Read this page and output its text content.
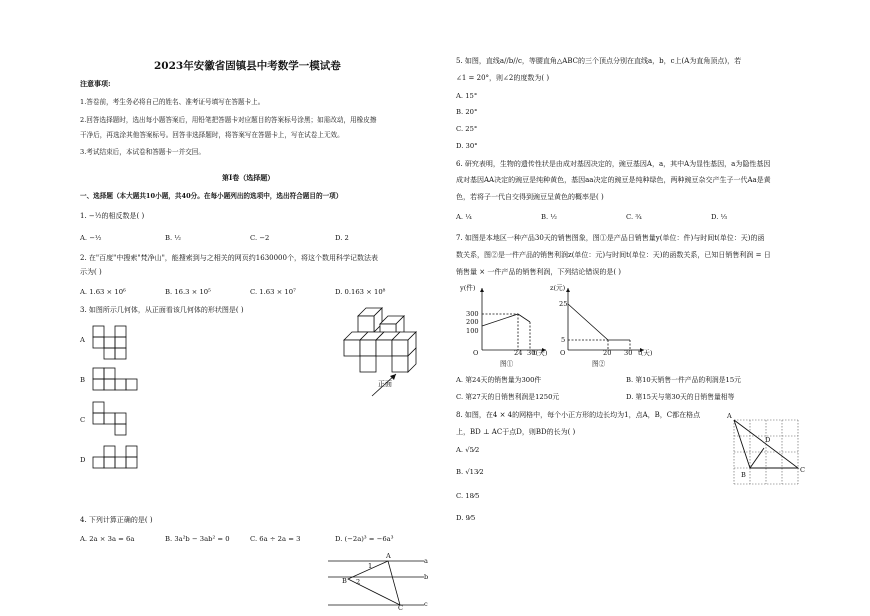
2023年安徽省固镇县中考数学一模试卷
注意事项:
1.答卷前，考生务必将自己的姓名、准考证号填写在答题卡上。
2.回答选择题时，选出每小题答案后，用铅笔把答题卡对应题目的答案标号涂黑；如需改动，用橡皮擦
干净后，再选涂其他答案标号。回答非选择题时，将答案写在答题卡上，写在试卷上无效。
3.考试结束后，本试卷和答题卡一并交回。
第Ⅰ卷（选择题）
一、选择题（本大题共10小题，共40分。在每小题列出的选项中，选出符合题目的一项）
1. −½的相反数是( )
A. −½	B. ½	C. −2	D. 2
2. 在"百度"中搜索"梵净山"，能搜索到与之相关的网页约1630000个，将这个数用科学记数法表
示为( )
A. 1.63 × 10⁶	B. 16.3 × 10⁵	C. 1.63 × 10⁷	D. 0.163 × 10⁸
3. 如图所示几何体，从正面看该几何体的形状图是( )
A
B
C
D
正面
4. 下列计算正确的是( )
A. 2a × 3a = 6a	B. 3a²b − 3ab² = 0	C. 6a ÷ 2a = 3	D. (−2a)³ = −6a³
A
B
C
a
b
c
1
2
5. 如图，直线a//b//c，等腰直角△ABC的三个顶点分别在直线a，b，c上(A为直角顶点)，若
∠1 = 20°，则∠2的度数为( )
A. 15°
B. 20°
C. 25°
D. 30°
6. 研究表明，生物的遗传性状是由成对基因决定的，豌豆基因A，a，其中A为显性基因，a为隐性基因
成对基因AA决定的豌豆是纯种黄色，基因aa决定的豌豆是纯种绿色，两种豌豆杂交产生子一代Aa是黄
色，若将子一代自交得到豌豆呈黄色的概率是( )
A. ¼	B. ½	C. ¾	D. ⅓
7. 如图是本地区一种产品30天的销售图象，图①是产品日销售量y(单位：件)与时间t(单位：天)的函
数关系，图②是一件产品的销售利润z(单位：元)与时间t(单位：天)的函数关系，已知日销售利润 = 日
销售量 × 一件产品的销售利润，下列结论错误的是( )
y(件)
300
200
100
O	24 30
t(天)
图①
z(元)
25
5
O	20 30 t(天)
图②
A. 第24天的销售量为300件	B. 第10天销售一件产品的利润是15元
C. 第27天的日销售利润是1250元	D. 第15天与第30天的日销售量相等
8. 如图，在4 × 4的网格中，每个小正方形的边长均为1，点A，B，C都在格点
上，BD ⊥ AC于点D，则BD的长为( )
A. √5⁄2
B. √13⁄2
C. 18⁄5
D. 9⁄5
A
B
C
D
